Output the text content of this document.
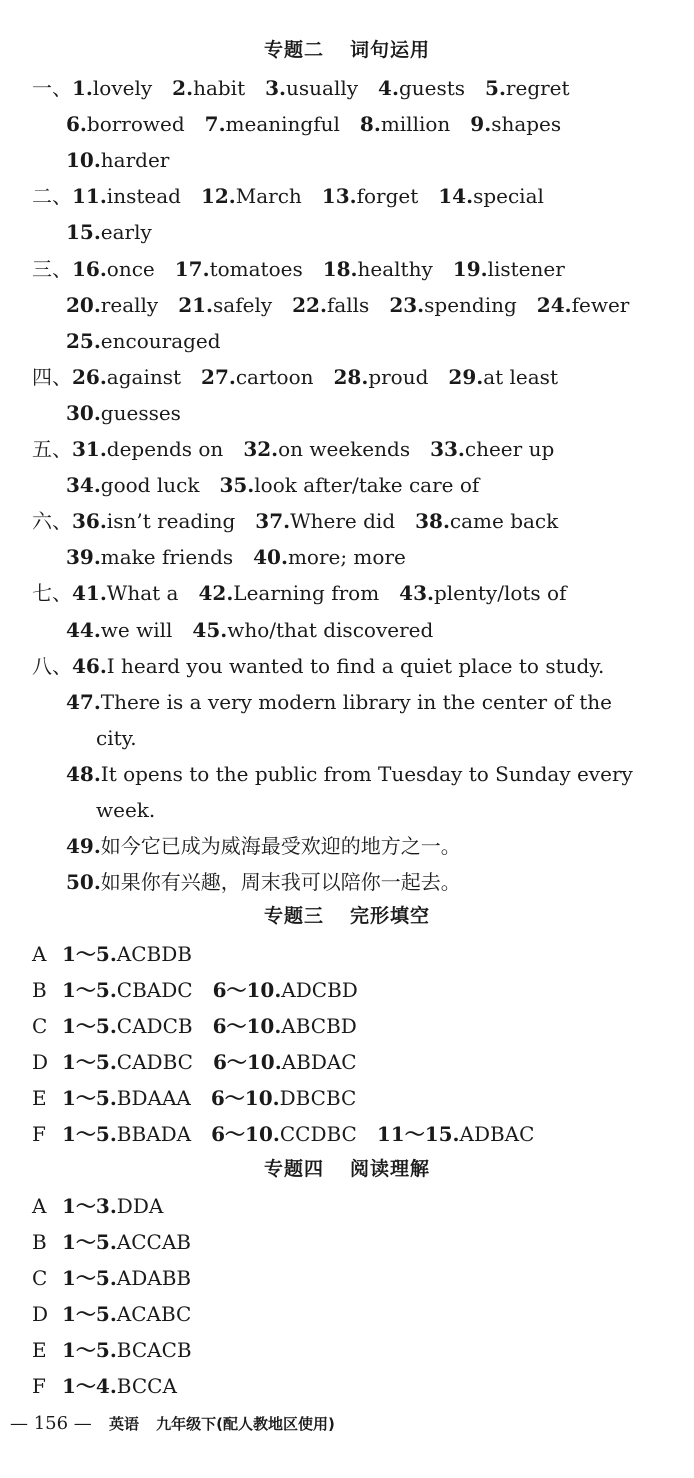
专题二 词句运用
一、1.lovely 2.habit 3.usually 4.guests 5.regret
6.borrowed 7.meaningful 8.million 9.shapes
10.harder
二、11.instead 12.March 13.forget 14.special
15.early
三、16.once 17.tomatoes 18.healthy 19.listener
20.really 21.safely 22.falls 23.spending 24.fewer
25.encouraged
四、26.against 27.cartoon 28.proud 29.at least
30.guesses
五、31.depends on 32.on weekends 33.cheer up
34.good luck 35.look after/take care of
六、36.isn’t reading 37.Where did 38.came back
39.make friends 40.more; more
七、41.What a 42.Learning from 43.plenty/lots of
44.we will 45.who/that discovered
八、46.I heard you wanted to find a quiet place to study.
47.There is a very modern library in the center of the
city.
48.It opens to the public from Tuesday to Sunday every
week.
49.如今它已成为威海最受欢迎的地方之一。
50.如果你有兴趣，周末我可以陪你一起去。
专题三 完形填空
A 1～5.ACBDB
B 1～5.CBADC 6～10.ADCBD
C 1～5.CADCB 6～10.ABCBD
D 1～5.CADBC 6～10.ABDAC
E 1～5.BDAAA 6～10.DBCBC
F 1～5.BBADA 6～10.CCDBC 11～15.ADBAC
专题四 阅读理解
A 1～3.DDA
B 1～5.ACCAB
C 1～5.ADABB
D 1～5.ACABC
E 1～5.BCACB
F 1～4.BCCA
— 156 — 英语 九年级下(配人教地区使用)
